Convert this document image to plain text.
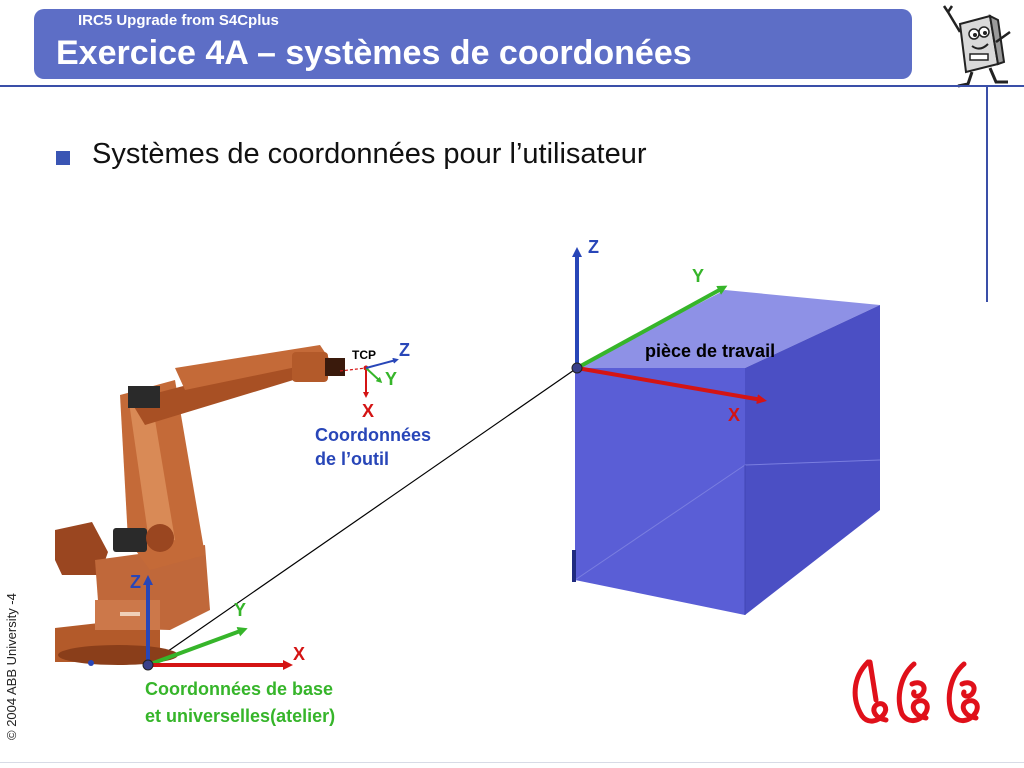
IRC5 Upgrade from S4Cplus
Exercice 4A – systèmes de coordonées
Systèmes de coordonnées pour l’utilisateur
Z
Y
X
pièce de travail
TCP Z
Y
X
Coordonnées
de l’outil
Z
Y
X
Coordonnées de base
et universelles(atelier)
© 2004 ABB University -4
